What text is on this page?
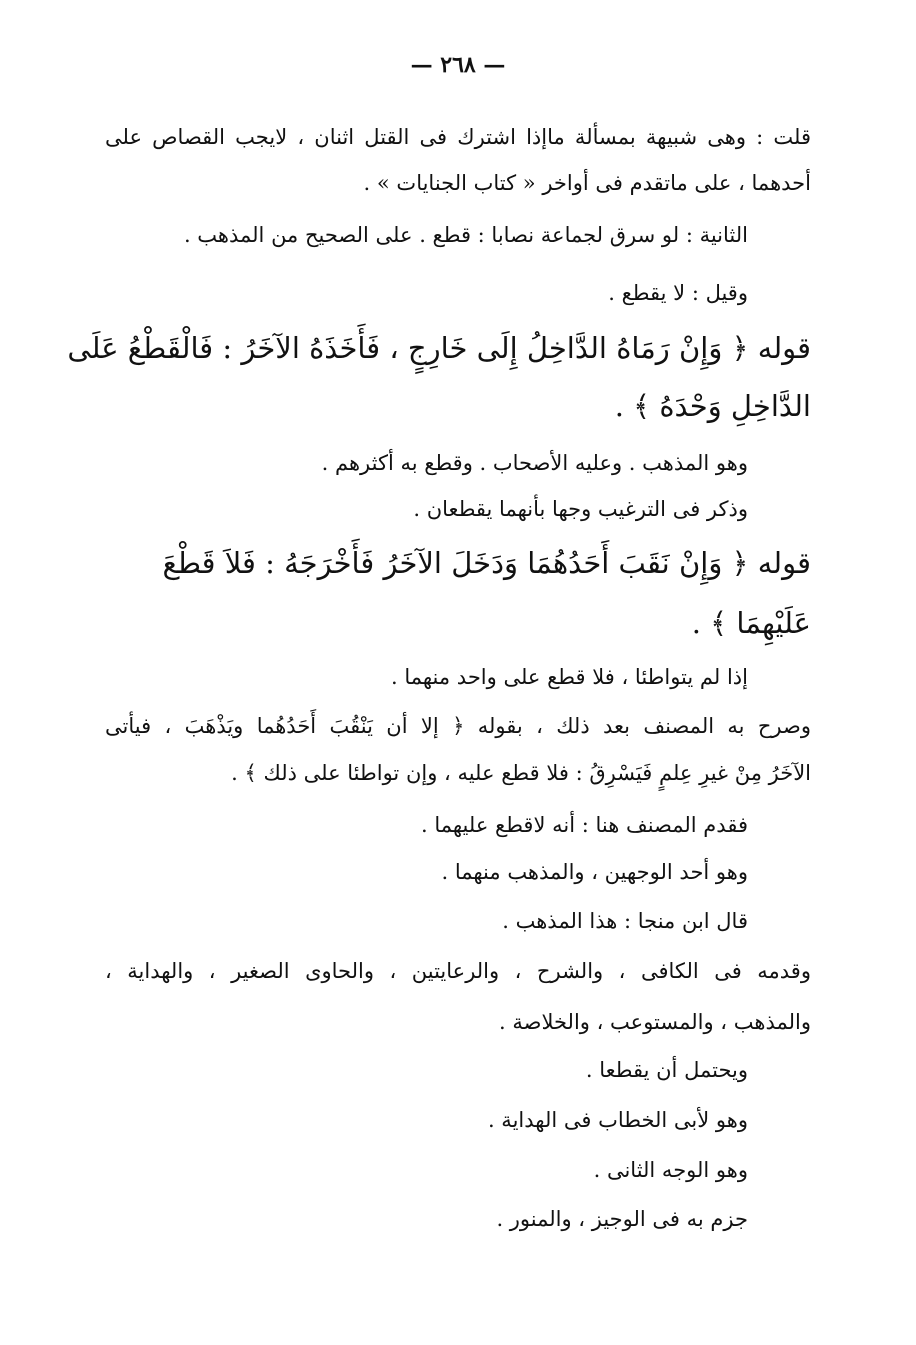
— ٢٦٨ —
قلت : وهى شبيهة بمسألة ماإذا اشترك فى القتل اثنان ، لايجب القصاص على
أحدهما ، على ماتقدم فى أواخر « كتاب الجنايات » .
الثانية : لو سرق لجماعة نصابا : قطع . على الصحيح من المذهب .
وقيل : لا يقطع .
قوله ﴿ وَإِنْ رَمَاهُ الدَّاخِلُ إِلَى خَارِجٍ ، فَأَخَذَهُ الآخَرُ : فَالْقَطْعُ عَلَى
الدَّاخِلِ وَحْدَهُ ﴾ .
وهو المذهب . وعليه الأصحاب . وقطع به أكثرهم .
وذكر فى الترغيب وجها بأنهما يقطعان .
قوله ﴿ وَإِنْ نَقَبَ أَحَدُهُمَا وَدَخَلَ الآخَرُ فَأَخْرَجَهُ : فَلاَ قَطْعَ
عَلَيْهِمَا ﴾ .
إذا لم يتواطئا ، فلا قطع على واحد منهما .
وصرح به المصنف بعد ذلك ، بقوله ﴿ إلا أن يَنْقُبَ أَحَدُهُما ويَذْهَبَ ، فيأتى
الآخَرُ مِنْ غيرِ عِلمٍ فَيَسْرِقُ : فلا قطع عليه ، وإن تواطئا على ذلك ﴾ .
فقدم المصنف هنا : أنه لاقطع عليهما .
وهو أحد الوجهين ، والمذهب منهما .
قال ابن منجا : هذا المذهب .
وقدمه فى الكافى ، والشرح ، والرعايتين ، والحاوى الصغير ، والهداية ،
والمذهب ، والمستوعب ، والخلاصة .
ويحتمل أن يقطعا .
وهو لأبى الخطاب فى الهداية .
وهو الوجه الثانى .
جزم به فى الوجيز ، والمنور .
